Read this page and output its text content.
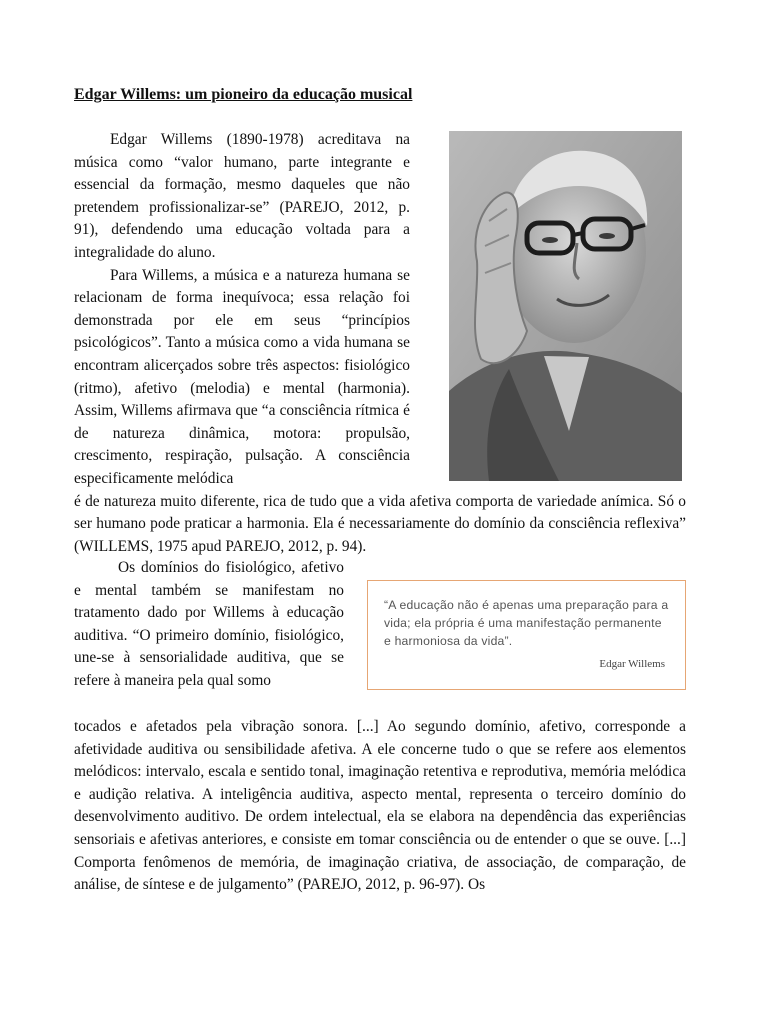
Edgar Willems: um pioneiro da educação musical

Edgar Willems (1890-1978) acreditava na música como “valor humano, parte integrante e essencial da formação, mesmo daqueles que não pretendem profissionalizar-se” (PAREJO, 2012, p. 91), defendendo uma educação voltada para a integralidade do aluno.

Para Willems, a música e a natureza humana se relacionam de forma inequívoca; essa relação foi demonstrada por ele em seus “princípios psicológicos”. Tanto a música como a vida humana se encontram alicerçados sobre três aspectos: fisiológico (ritmo), afetivo (melodia) e mental (harmonia). Assim, Willems afirmava que “a consciência rítmica é de natureza dinâmica, motora: propulsão, crescimento, respiração, pulsação. A consciência especificamente melódica

é de natureza muito diferente, rica de tudo que a vida afetiva comporta de variedade anímica. Só o ser humano pode praticar a harmonia. Ela é necessariamente do domínio da consciência reflexiva” (WILLEMS, 1975 apud PAREJO, 2012, p. 94).

Os domínios do fisiológico, afetivo e mental também se manifestam no tratamento dado por Willems à educação auditiva. “O primeiro domínio, fisiológico, une-se à sensorialidade auditiva, que se refere à maneira pela qual somo

“A educação não é apenas uma preparação para a vida; ela própria é uma manifestação permanente e harmoniosa da vida”.
Edgar Willems

tocados e afetados pela vibração sonora. [...] Ao segundo domínio, afetivo, corresponde a afetividade auditiva ou sensibilidade afetiva. A ele concerne tudo o que se refere aos elementos melódicos: intervalo, escala e sentido tonal, imaginação retentiva e reprodutiva, memória melódica e audição relativa. A inteligência auditiva, aspecto mental, representa o terceiro domínio do desenvolvimento auditivo. De ordem intelectual, ela se elabora na dependência das experiências sensoriais e afetivas anteriores, e consiste em tomar consciência ou de entender o que se ouve. [...] Comporta fenômenos de memória, de imaginação criativa, de associação, de comparação, de análise, de síntese e de julgamento” (PAREJO, 2012, p. 96-97). Os
